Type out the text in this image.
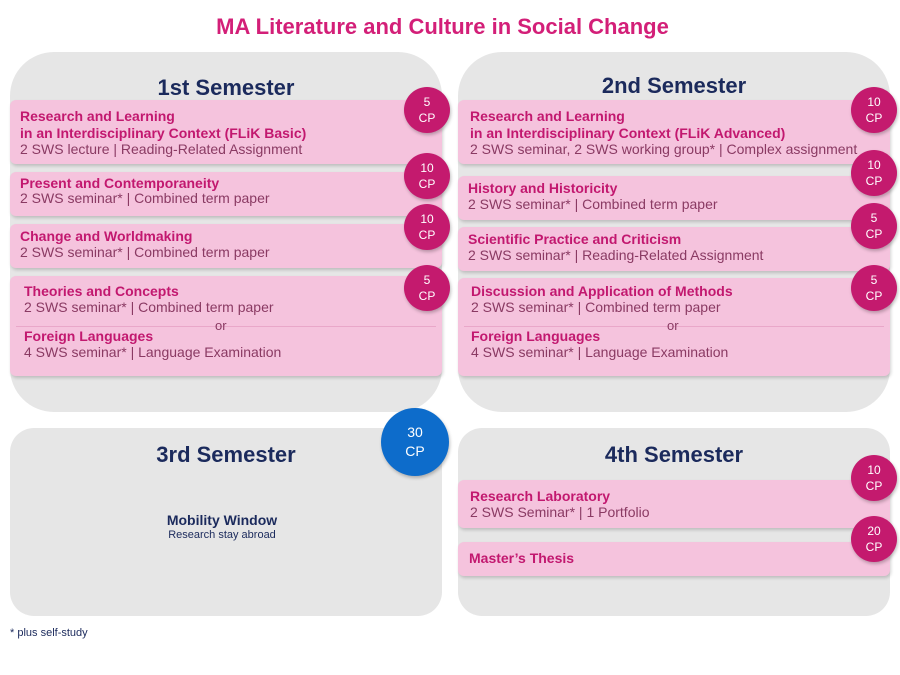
MA Literature and Culture in Social Change
1st Semester
Research and Learning
in an Interdisciplinary Context (FLiK Basic)
2 SWS lecture | Reading-Related Assignment
Present and Contemporaneity
2 SWS seminar* | Combined term paper
Change and Worldmaking
2 SWS seminar* | Combined term paper
Theories and Concepts
2 SWS seminar* | Combined term paper
or
Foreign Languages
4 SWS seminar* | Language Examination
5
CP
10
CP
10
CP
5
CP
2nd Semester
Research and Learning
in an Interdisciplinary Context (FLiK Advanced)
2 SWS seminar, 2 SWS working group* | Complex assignment
History and Historicity
2 SWS seminar* | Combined term paper
Scientific Practice and Criticism
2 SWS seminar* | Reading-Related Assignment
Discussion and Application of Methods
2 SWS seminar* | Combined term paper
or
Foreign Languages
4 SWS seminar* | Language Examination
10
CP
10
CP
5
CP
5
CP
3rd Semester
30
CP
Mobility Window
Research stay abroad
4th Semester
Research Laboratory
2 SWS Seminar* | 1 Portfolio
Master’s Thesis
10
CP
20
CP
* plus self-study
